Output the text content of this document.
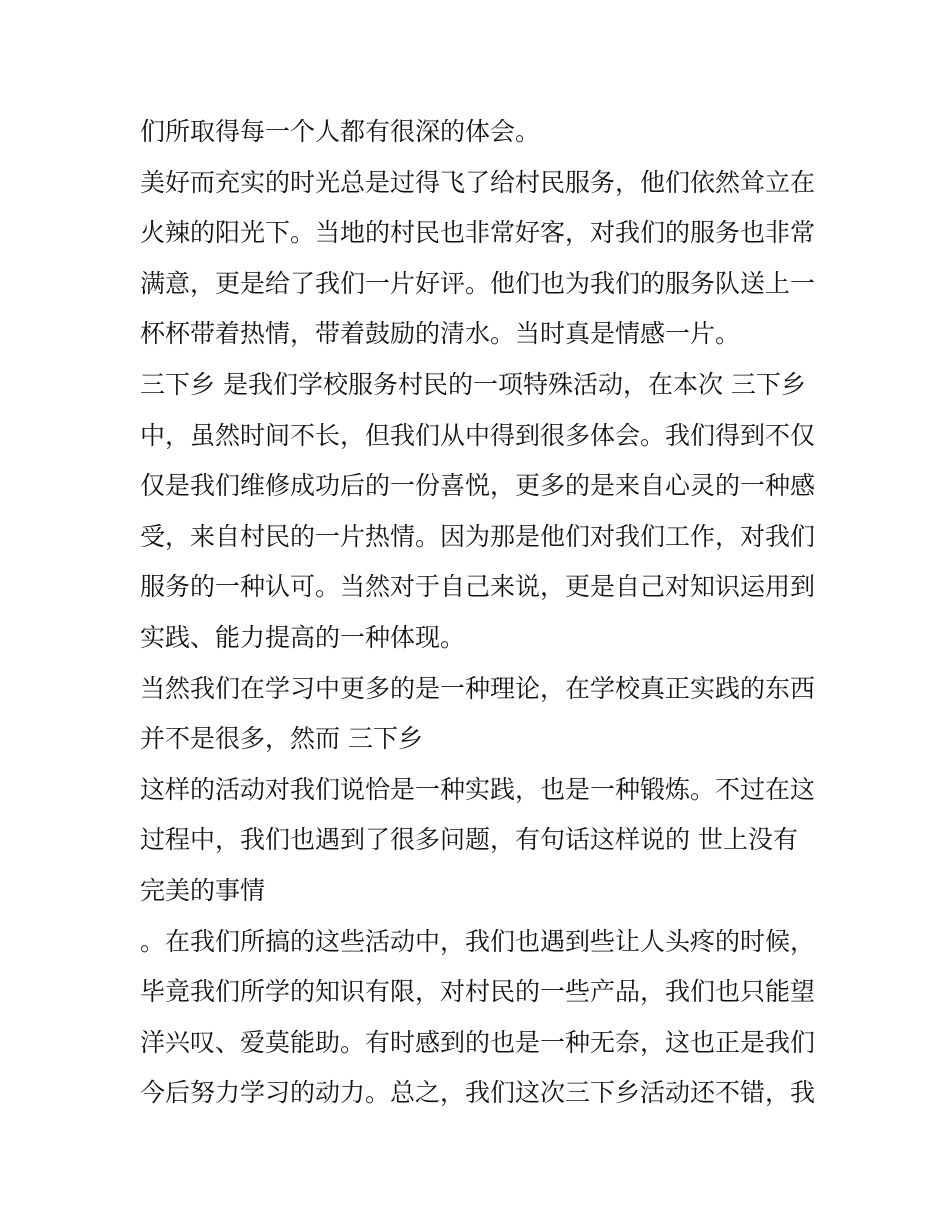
们所取得每一个人都有很深的体会。
美好而充实的时光总是过得飞了给村民服务，他们依然耸立在
火辣的阳光下。当地的村民也非常好客，对我们的服务也非常
满意，更是给了我们一片好评。他们也为我们的服务队送上一
杯杯带着热情，带着鼓励的清水。当时真是情感一片。
三下乡 是我们学校服务村民的一项特殊活动，在本次 三下乡
中，虽然时间不长，但我们从中得到很多体会。我们得到不仅
仅是我们维修成功后的一份喜悦，更多的是来自心灵的一种感
受，来自村民的一片热情。因为那是他们对我们工作，对我们
服务的一种认可。当然对于自己来说，更是自己对知识运用到
实践、能力提高的一种体现。
当然我们在学习中更多的是一种理论，在学校真正实践的东西
并不是很多，然而 三下乡
这样的活动对我们说恰是一种实践，也是一种锻炼。不过在这
过程中，我们也遇到了很多问题，有句话这样说的 世上没有
完美的事情
。在我们所搞的这些活动中，我们也遇到些让人头疼的时候，
毕竟我们所学的知识有限，对村民的一些产品，我们也只能望
洋兴叹、爱莫能助。有时感到的也是一种无奈，这也正是我们
今后努力学习的动力。总之，我们这次三下乡活动还不错，我
